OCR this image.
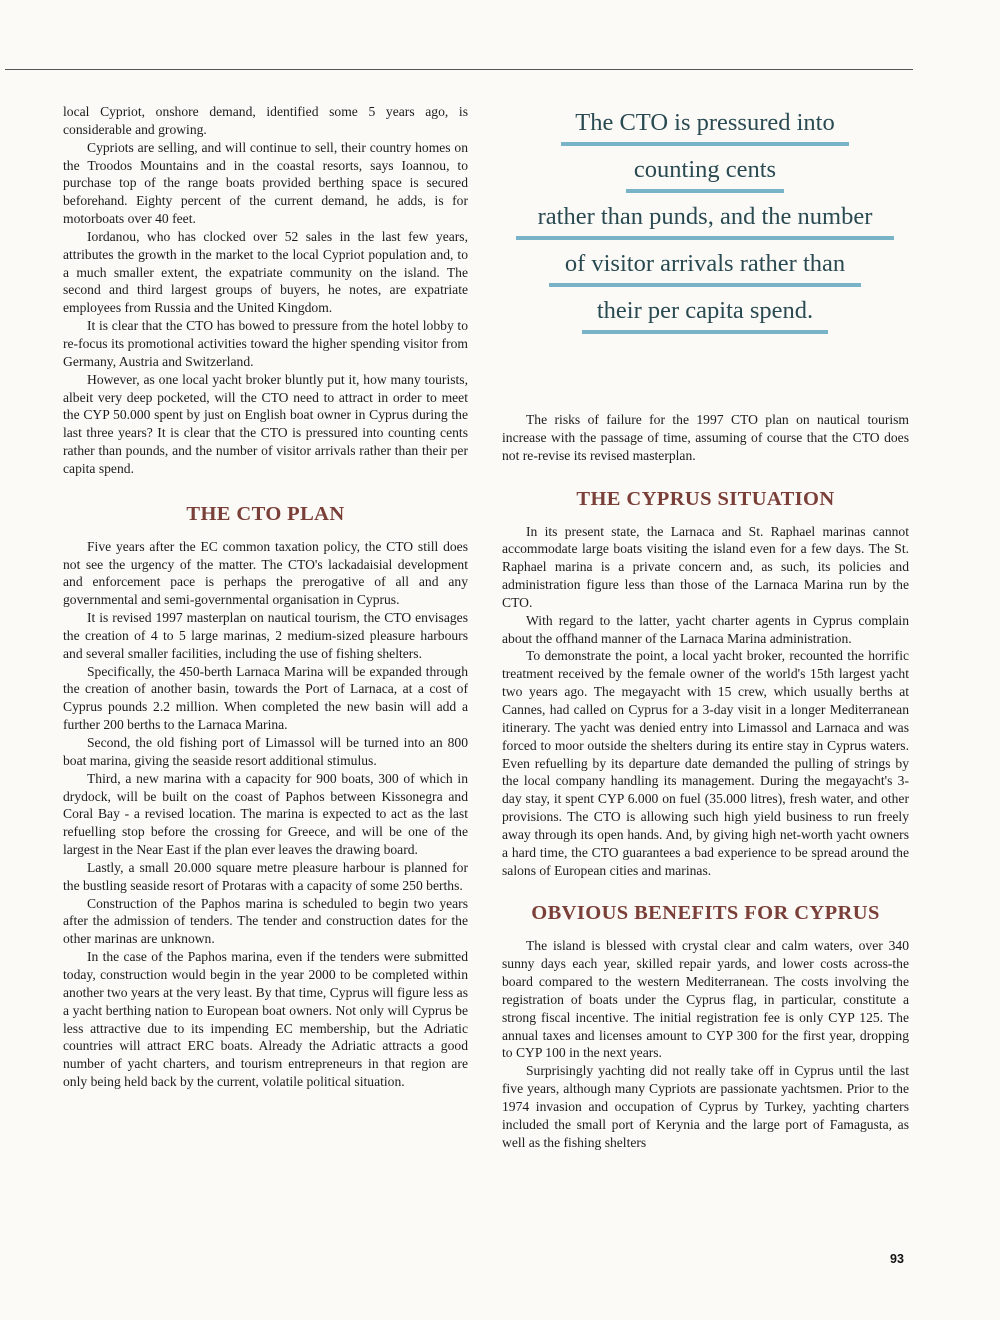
local Cypriot, onshore demand, identified some 5 years ago, is considerable and growing.

Cypriots are selling, and will continue to sell, their country homes on the Troodos Mountains and in the coastal resorts, says Ioannou, to purchase top of the range boats provided berthing space is secured beforehand. Eighty percent of the current demand, he adds, is for motorboats over 40 feet.

Iordanou, who has clocked over 52 sales in the last few years, attributes the growth in the market to the local Cypriot population and, to a much smaller extent, the expatriate community on the island. The second and third largest groups of buyers, he notes, are expatriate employees from Russia and the United Kingdom.

It is clear that the CTO has bowed to pressure from the hotel lobby to re-focus its promotional activities toward the higher spending visitor from Germany, Austria and Switzerland.

However, as one local yacht broker bluntly put it, how many tourists, albeit very deep pocketed, will the CTO need to attract in order to meet the CYP 50.000 spent by just on English boat owner in Cyprus during the last three years? It is clear that the CTO is pressured into counting cents rather than pounds, and the number of visitor arrivals rather than their per capita spend.

THE CTO PLAN

Five years after the EC common taxation policy, the CTO still does not see the urgency of the matter. The CTO's lackadaisial development and enforcement pace is perhaps the prerogative of all and any governmental and semi-governmental organisation in Cyprus.

It is revised 1997 masterplan on nautical tourism, the CTO envisages the creation of 4 to 5 large marinas, 2 medium-sized pleasure harbours and several smaller facilities, including the use of fishing shelters.

Specifically, the 450-berth Larnaca Marina will be expanded through the creation of another basin, towards the Port of Larnaca, at a cost of Cyprus pounds 2.2 million. When completed the new basin will add a further 200 berths to the Larnaca Marina.

Second, the old fishing port of Limassol will be turned into an 800 boat marina, giving the seaside resort additional stimulus.

Third, a new marina with a capacity for 900 boats, 300 of which in drydock, will be built on the coast of Paphos between Kissonegra and Coral Bay - a revised location. The marina is expected to act as the last refuelling stop before the crossing for Greece, and will be one of the largest in the Near East if the plan ever leaves the drawing board.

Lastly, a small 20.000 square metre pleasure harbour is planned for the bustling seaside resort of Protaras with a capacity of some 250 berths.

Construction of the Paphos marina is scheduled to begin two years after the admission of tenders. The tender and construction dates for the other marinas are unknown.

In the case of the Paphos marina, even if the tenders were submitted today, construction would begin in the year 2000 to be completed within another two years at the very least. By that time, Cyprus will figure less as a yacht berthing nation to European boat owners. Not only will Cyprus be less attractive due to its impending EC membership, but the Adriatic countries will attract ERC boats. Already the Adriatic attracts a good number of yacht charters, and tourism entrepreneurs in that region are only being held back by the current, volatile political situation.

The CTO is pressured into
counting cents
rather than punds, and the number
of visitor arrivals rather than
their per capita spend.

The risks of failure for the 1997 CTO plan on nautical tourism increase with the passage of time, assuming of course that the CTO does not re-revise its revised masterplan.

THE CYPRUS SITUATION

In its present state, the Larnaca and St. Raphael marinas cannot accommodate large boats visiting the island even for a few days. The St. Raphael marina is a private concern and, as such, its policies and administration figure less than those of the Larnaca Marina run by the CTO.

With regard to the latter, yacht charter agents in Cyprus complain about the offhand manner of the Larnaca Marina administration.

To demonstrate the point, a local yacht broker, recounted the horrific treatment received by the female owner of the world's 15th largest yacht two years ago. The megayacht with 15 crew, which usually berths at Cannes, had called on Cyprus for a 3-day visit in a longer Mediterranean itinerary. The yacht was denied entry into Limassol and Larnaca and was forced to moor outside the shelters during its entire stay in Cyprus waters. Even refuelling by its departure date demanded the pulling of strings by the local company handling its management. During the megayacht's 3-day stay, it spent CYP 6.000 on fuel (35.000 litres), fresh water, and other provisions. The CTO is allowing such high yield business to run freely away through its open hands. And, by giving high net-worth yacht owners a hard time, the CTO guarantees a bad experience to be spread around the salons of European cities and marinas.

OBVIOUS BENEFITS FOR CYPRUS

The island is blessed with crystal clear and calm waters, over 340 sunny days each year, skilled repair yards, and lower costs across-the board compared to the western Mediterranean. The costs involving the registration of boats under the Cyprus flag, in particular, constitute a strong fiscal incentive. The initial registration fee is only CYP 125. The annual taxes and licenses amount to CYP 300 for the first year, dropping to CYP 100 in the next years.

Surprisingly yachting did not really take off in Cyprus until the last five years, although many Cypriots are passionate yachtsmen. Prior to the 1974 invasion and occupation of Cyprus by Turkey, yachting charters included the small port of Kerynia and the large port of Famagusta, as well as the fishing shelters

93
